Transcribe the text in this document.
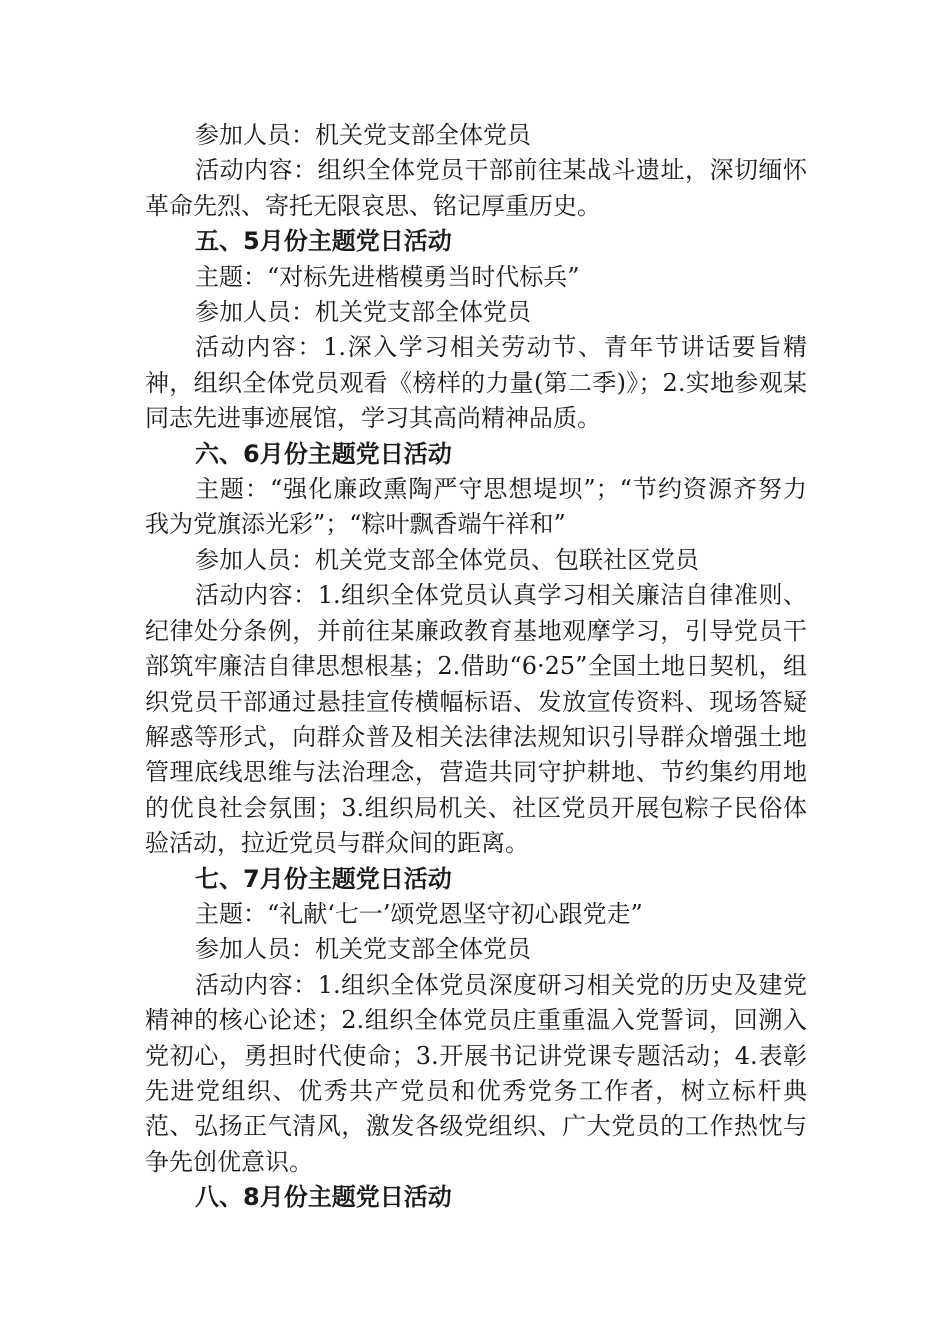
参加人员：机关党支部全体党员

活动内容：组织全体党员干部前往某战斗遗址，深切缅怀革命先烈、寄托无限哀思、铭记厚重历史。

五、5月份主题党日活动

主题：“对标先进楷模勇当时代标兵”

参加人员：机关党支部全体党员

活动内容：1.深入学习相关劳动节、青年节讲话要旨精神，组织全体党员观看《榜样的力量(第二季)》；2.实地参观某同志先进事迹展馆，学习其高尚精神品质。

六、6月份主题党日活动

主题：“强化廉政熏陶严守思想堤坝”；“节约资源齐努力我为党旗添光彩”；“粽叶飘香端午祥和”

参加人员：机关党支部全体党员、包联社区党员

活动内容：1.组织全体党员认真学习相关廉洁自律准则、纪律处分条例，并前往某廉政教育基地观摩学习，引导党员干部筑牢廉洁自律思想根基；2.借助“6·25”全国土地日契机，组织党员干部通过悬挂宣传横幅标语、发放宣传资料、现场答疑解惑等形式，向群众普及相关法律法规知识引导群众增强土地管理底线思维与法治理念，营造共同守护耕地、节约集约用地的优良社会氛围；3.组织局机关、社区党员开展包粽子民俗体验活动，拉近党员与群众间的距离。

七、7月份主题党日活动

主题：“礼献‘七一’颂党恩坚守初心跟党走”

参加人员：机关党支部全体党员

活动内容：1.组织全体党员深度研习相关党的历史及建党精神的核心论述；2.组织全体党员庄重重温入党誓词，回溯入党初心，勇担时代使命；3.开展书记讲党课专题活动；4.表彰先进党组织、优秀共产党员和优秀党务工作者，树立标杆典范、弘扬正气清风，激发各级党组织、广大党员的工作热忱与争先创优意识。

八、8月份主题党日活动
